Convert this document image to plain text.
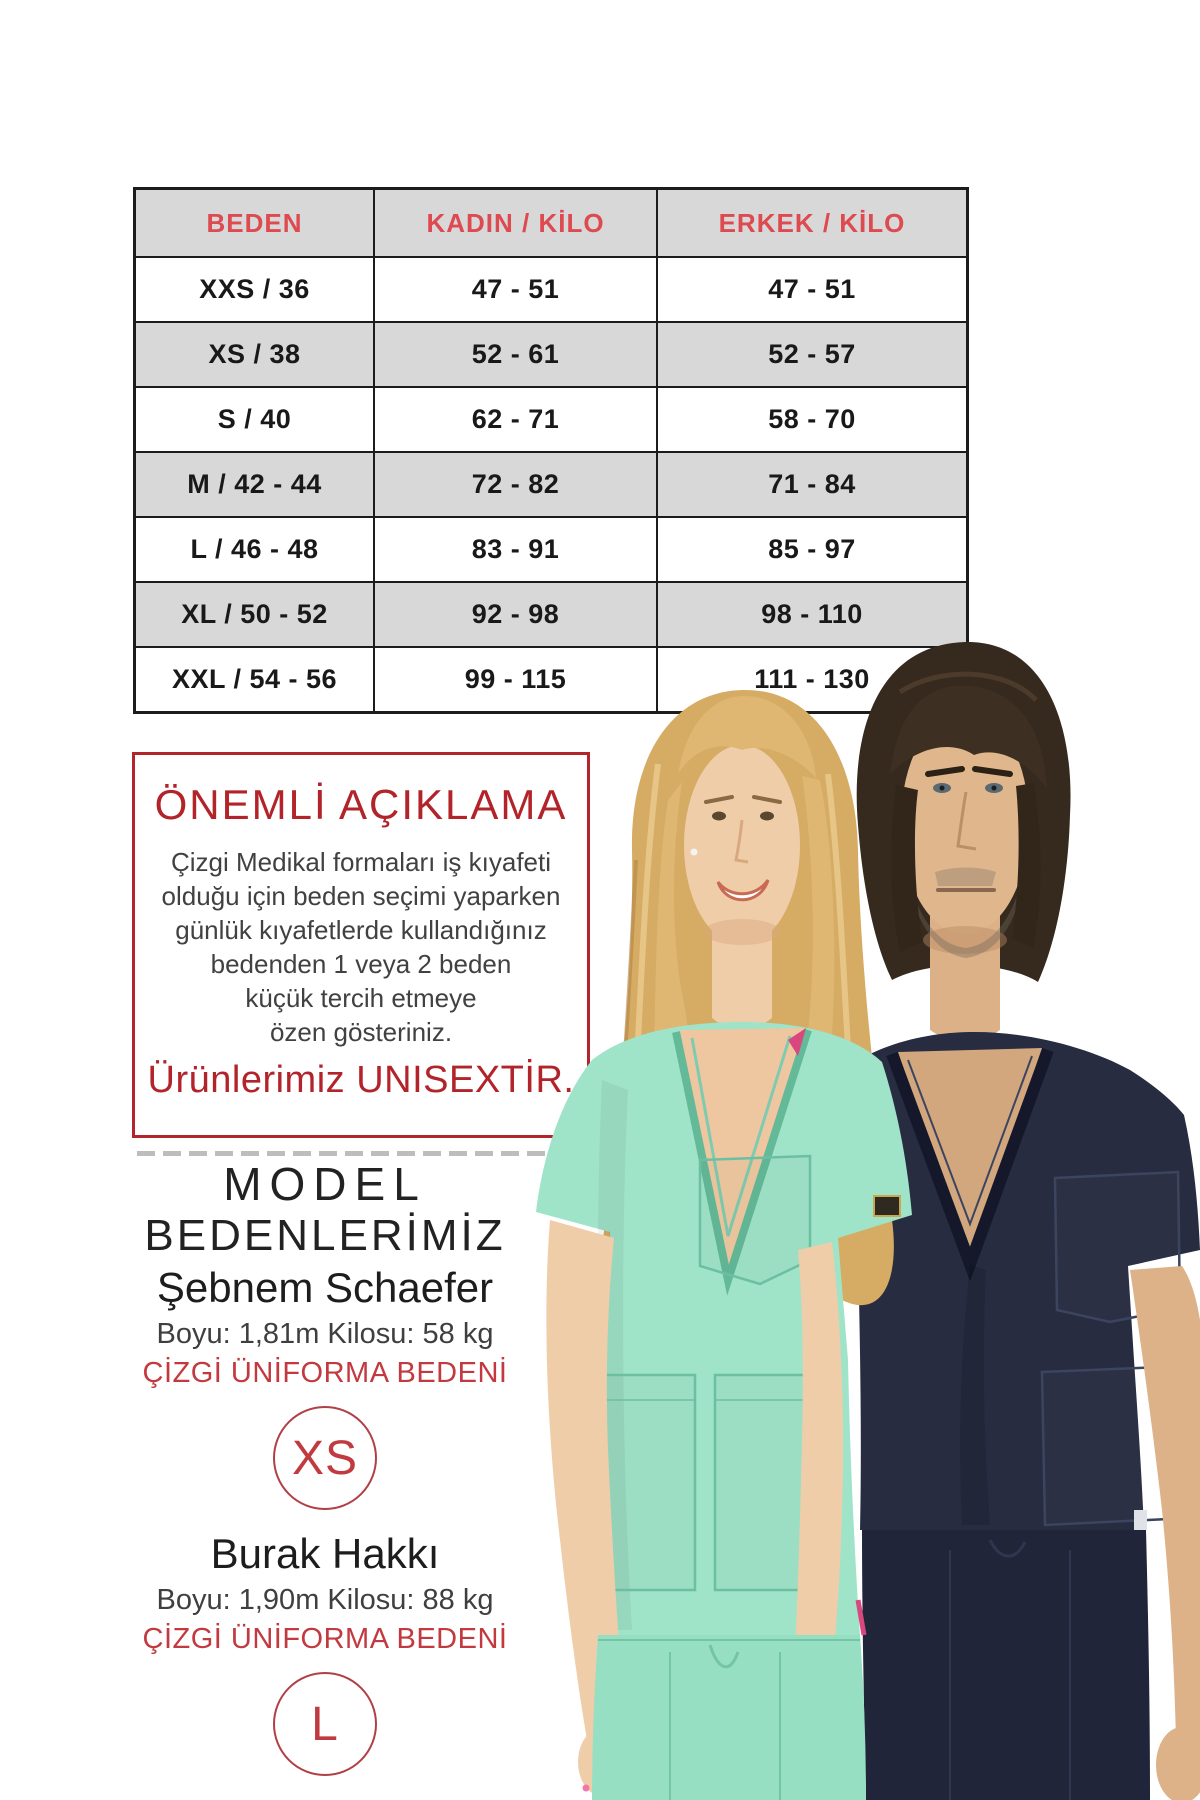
BEDEN	KADIN / KİLO	ERKEK / KİLO
XXS / 36	47 - 51	47 - 51
XS / 38	52 - 61	52 - 57
S / 40	62 - 71	58 - 70
M / 42 - 44	72 - 82	71 - 84
L / 46 - 48	83 - 91	85 - 97
XL / 50 - 52	92 - 98	98 - 110
XXL / 54 - 56	99 - 115	111 - 130
ÖNEMLİ AÇIKLAMA
Çizgi Medikal formaları iş kıyafeti
olduğu için beden seçimi yaparken
günlük kıyafetlerde kullandığınız
bedenden 1 veya 2 beden
küçük tercih etmeye
özen gösteriniz.
Ürünlerimiz UNISEXTİR.
MODEL
BEDENLERİMİZ
Şebnem Schaefer
Boyu: 1,81m Kilosu: 58 kg
ÇİZGİ ÜNİFORMA BEDENİ
XS
Burak Hakkı
Boyu: 1,90m Kilosu: 88 kg
ÇİZGİ ÜNİFORMA BEDENİ
L
